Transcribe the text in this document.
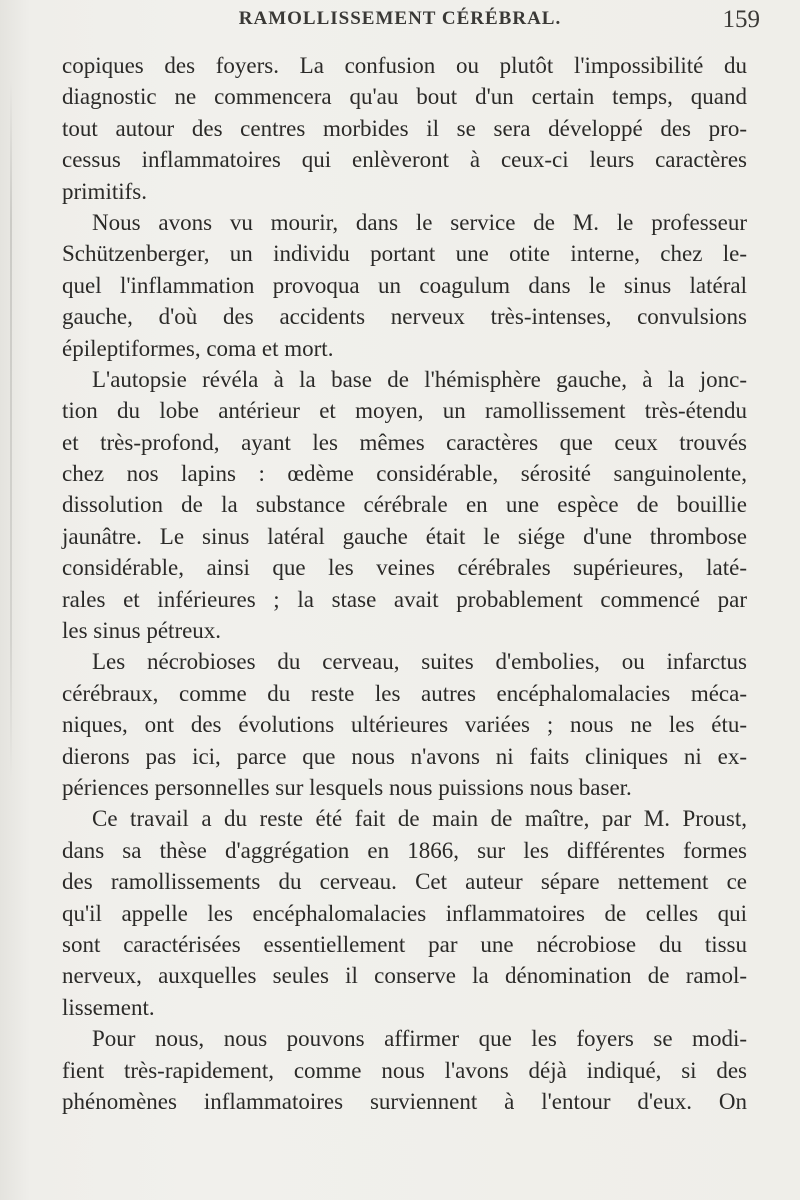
RAMOLLISSEMENT CÉRÉBRAL.	159
copiques des foyers. La confusion ou plutôt l'impossibilité du
diagnostic ne commencera qu'au bout d'un certain temps, quand
tout autour des centres morbides il se sera développé des pro-
cessus inflammatoires qui enlèveront à ceux-ci leurs caractères
primitifs.
Nous avons vu mourir, dans le service de M. le professeur
Schützenberger, un individu portant une otite interne, chez le-
quel l'inflammation provoqua un coagulum dans le sinus latéral
gauche, d'où des accidents nerveux très-intenses, convulsions
épileptiformes, coma et mort.
L'autopsie révéla à la base de l'hémisphère gauche, à la jonc-
tion du lobe antérieur et moyen, un ramollissement très-étendu
et très-profond, ayant les mêmes caractères que ceux trouvés
chez nos lapins : œdème considérable, sérosité sanguinolente,
dissolution de la substance cérébrale en une espèce de bouillie
jaunâtre. Le sinus latéral gauche était le siége d'une thrombose
considérable, ainsi que les veines cérébrales supérieures, laté-
rales et inférieures ; la stase avait probablement commencé par
les sinus pétreux.
Les nécrobioses du cerveau, suites d'embolies, ou infarctus
cérébraux, comme du reste les autres encéphalomalacies méca-
niques, ont des évolutions ultérieures variées ; nous ne les étu-
dierons pas ici, parce que nous n'avons ni faits cliniques ni ex-
périences personnelles sur lesquels nous puissions nous baser.
Ce travail a du reste été fait de main de maître, par M. Proust,
dans sa thèse d'aggrégation en 1866, sur les différentes formes
des ramollissements du cerveau. Cet auteur sépare nettement ce
qu'il appelle les encéphalomalacies inflammatoires de celles qui
sont caractérisées essentiellement par une nécrobiose du tissu
nerveux, auxquelles seules il conserve la dénomination de ramol-
lissement.
Pour nous, nous pouvons affirmer que les foyers se modi-
fient très-rapidement, comme nous l'avons déjà indiqué, si des
phénomènes inflammatoires surviennent à l'entour d'eux. On
